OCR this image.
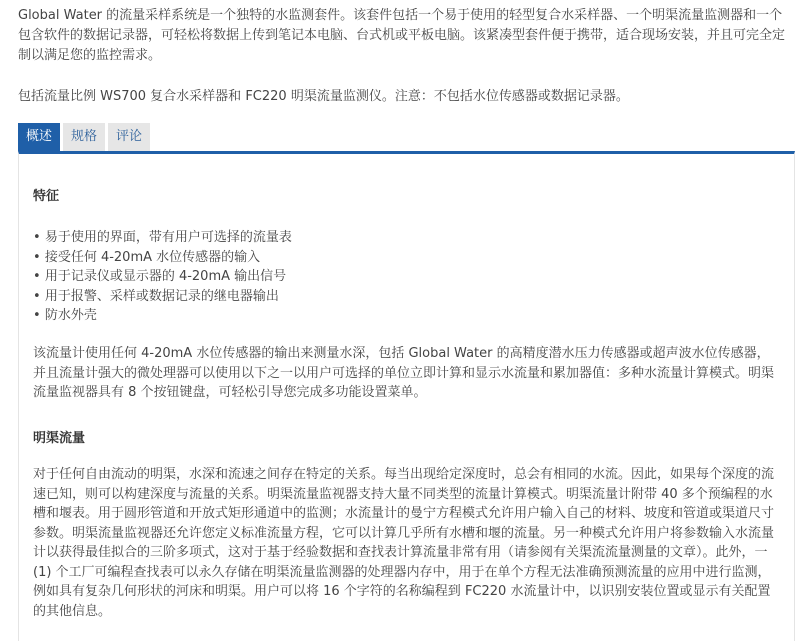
Global Water 的流量采样系统是一个独特的水监测套件。该套件包括一个易于使用的轻型复合水采样器、一个明渠流量监测器和一个包含软件的数据记录器，可轻松将数据上传到笔记本电脑、台式机或平板电脑。该紧凑型套件便于携带，适合现场安装，并且可完全定制以满足您的监控需求。

包括流量比例 WS700 复合水采样器和 FC220 明渠流量监测仪。注意：不包括水位传感器或数据记录器。

概述	规格	评论
特征
• 易于使用的界面，带有用户可选择的流量表
• 接受任何 4-20mA 水位传感器的输入
• 用于记录仪或显示器的 4-20mA 输出信号
• 用于报警、采样或数据记录的继电器输出
• 防水外壳

该流量计使用任何 4-20mA 水位传感器的输出来测量水深，包括 Global Water 的高精度潜水压力传感器或超声波水位传感器，并且流量计强大的微处理器可以使用以下之一以用户可选择的单位立即计算和显示水流量和累加器值：多种水流量计算模式。明渠流量监视器具有 8 个按钮键盘，可轻松引导您完成多功能设置菜单。

明渠流量

对于任何自由流动的明渠，水深和流速之间存在特定的关系。每当出现给定深度时，总会有相同的水流。因此，如果每个深度的流速已知，则可以构建深度与流量的关系。明渠流量监视器支持大量不同类型的流量计算模式。明渠流量计附带 40 多个预编程的水槽和堰表。用于圆形管道和开放式矩形通道中的监测；水流量计的曼宁方程模式允许用户输入自己的材料、坡度和管道或渠道尺寸参数。明渠流量监视器还允许您定义标准流量方程，它可以计算几乎所有水槽和堰的流量。另一种模式允许用户将参数输入水流量计以获得最佳拟合的三阶多项式，这对于基于经验数据和查找表计算流量非常有用（请参阅有关渠流流量测量的文章）。此外，一 (1) 个工厂可编程查找表可以永久存储在明渠流量监测器的处理器内存中，用于在单个方程无法准确预测流量的应用中进行监测，例如具有复杂几何形状的河床和明渠。用户可以将 16 个字符的名称编程到 FC220 水流量计中，以识别安装位置或显示有关配置的其他信息。
